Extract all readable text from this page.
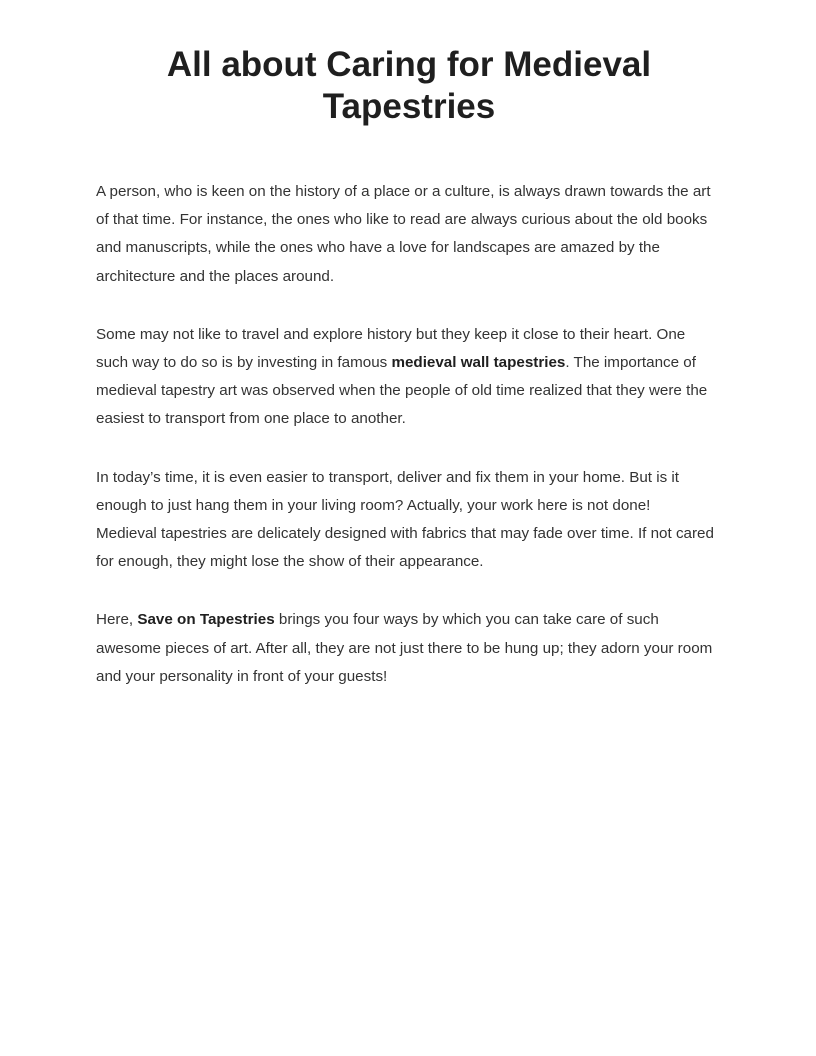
All about Caring for Medieval
Tapestries

A person, who is keen on the history of a place or a culture, is always drawn towards the art
of that time. For instance, the ones who like to read are always curious about the old books
and manuscripts, while the ones who have a love for landscapes are amazed by the
architecture and the places around.

Some may not like to travel and explore history but they keep it close to their heart. One
such way to do so is by investing in famous medieval wall tapestries. The importance of
medieval tapestry art was observed when the people of old time realized that they were the
easiest to transport from one place to another.

In today’s time, it is even easier to transport, deliver and fix them in your home. But is it
enough to just hang them in your living room? Actually, your work here is not done!
Medieval tapestries are delicately designed with fabrics that may fade over time. If not cared
for enough, they might lose the show of their appearance.

Here, Save on Tapestries brings you four ways by which you can take care of such
awesome pieces of art. After all, they are not just there to be hung up; they adorn your room
and your personality in front of your guests!
